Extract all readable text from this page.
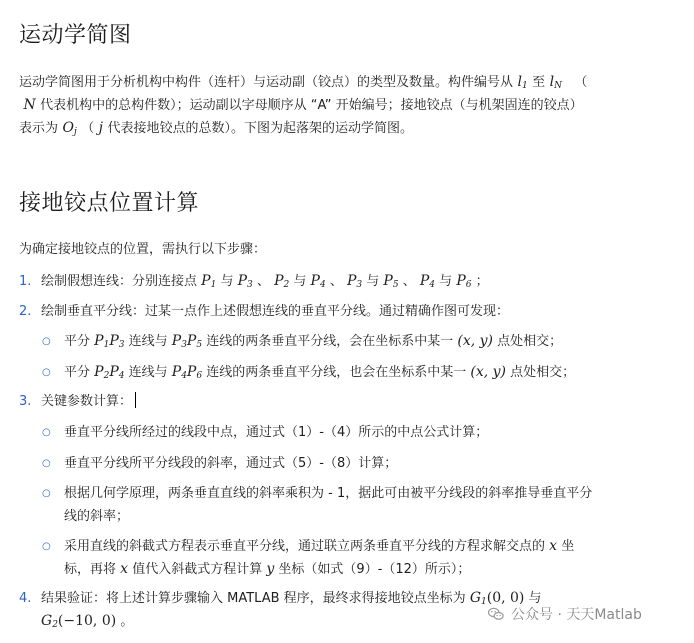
运动学简图
运动学简图用于分析机构中构件（连杆）与运动副（铰点）的类型及数量。构件编号从 $l_1$ 至 $l_N$ （
N 代表机构中的总构件数）；运动副以字母顺序从 “A” 开始编号；接地铰点（与机架固连的铰点）
表示为 $O_j$ （ j 代表接地铰点的总数）。下图为起落架的运动学简图。
接地铰点位置计算
为确定接地铰点的位置，需执行以下步骤：
1. 绘制假想连线：分别连接点 $P_1$ 与 $P_3$ 、 $P_2$ 与 $P_4$ 、 $P_3$ 与 $P_5$ 、 $P_4$ 与 $P_6$ ；
2. 绘制垂直平分线：过某一点作上述假想连线的垂直平分线。通过精确作图可发现：
○ 平分 $P_1P_3$ 连线与 $P_3P_5$ 连线的两条垂直平分线，会在坐标系中某一 (x, y) 点处相交；
○ 平分 $P_2P_4$ 连线与 $P_4P_6$ 连线的两条垂直平分线，也会在坐标系中某一 (x, y) 点处相交；
3. 关键参数计算：
○ 垂直平分线所经过的线段中点，通过式（1）-（4）所示的中点公式计算；
○ 垂直平分线所平分线段的斜率，通过式（5）-（8）计算；
○ 根据几何学原理，两条垂直直线的斜率乘积为 - 1，据此可由被平分线段的斜率推导垂直平分
线的斜率；
○ 采用直线的斜截式方程表示垂直平分线，通过联立两条垂直平分线的方程求解交点的 x 坐
标，再将 x 值代入斜截式方程计算 y 坐标（如式（9）-（12）所示）；
4. 结果验证：将上述计算步骤输入 MATLAB 程序，最终求得接地铰点坐标为 $G_1(0$, 0) 与
$G_2(-10$, 0) 。	公众号 · 天天Matlab
